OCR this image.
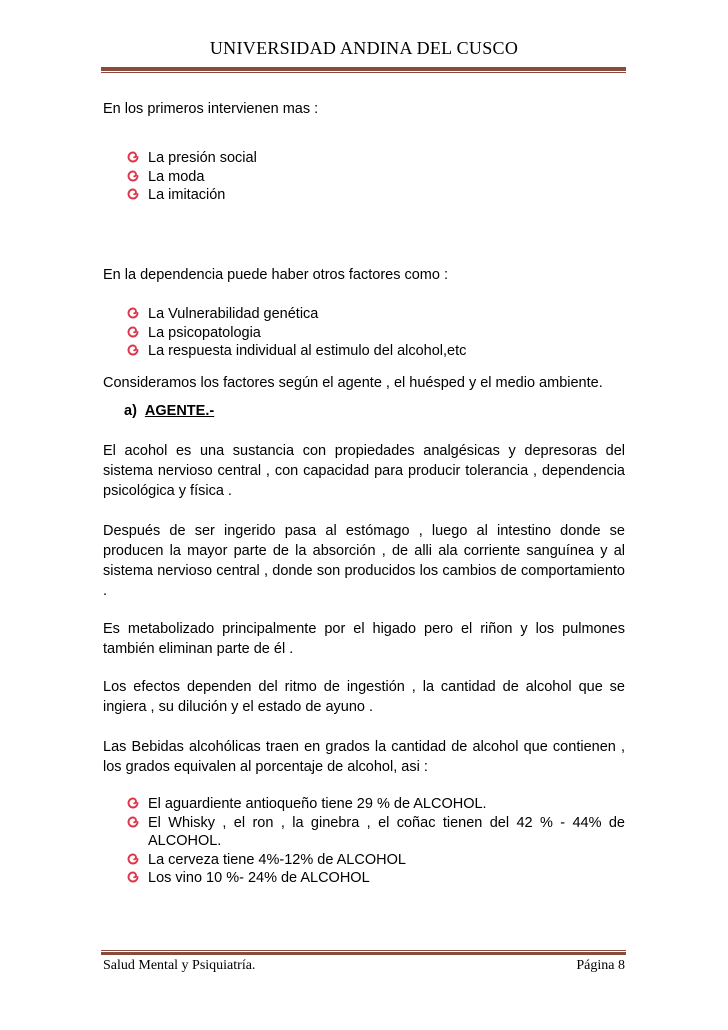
UNIVERSIDAD ANDINA DEL CUSCO
En los primeros intervienen mas :
La presión social
La moda
La imitación
En la dependencia puede haber otros factores como :
La Vulnerabilidad genética
La psicopatologia
La respuesta individual al estimulo del alcohol,etc
Consideramos los factores según el agente , el huésped y el medio ambiente.
a) AGENTE.-
El acohol es una sustancia con propiedades analgésicas y depresoras del sistema nervioso central , con capacidad para producir tolerancia , dependencia psicológica y física .
Después de ser ingerido pasa al estómago , luego al intestino donde se producen la mayor parte de la absorción , de alli ala corriente sanguínea y al sistema nervioso central , donde son producidos los cambios de comportamiento .
Es metabolizado principalmente por el higado pero el riñon y los pulmones también eliminan parte de él .
Los efectos dependen del ritmo de ingestión , la cantidad de alcohol que se ingiera , su dilución y el estado de ayuno .
Las Bebidas alcohólicas traen en grados la cantidad de alcohol que contienen , los grados equivalen al porcentaje de alcohol, asi :
El aguardiente antioqueño tiene 29 % de ALCOHOL.
El Whisky , el ron , la ginebra , el coñac tienen del 42 % - 44% de ALCOHOL.
La cerveza tiene 4%-12% de ALCOHOL
Los vino 10 %- 24% de ALCOHOL
Salud Mental y Psiquiatría.	Página 8
